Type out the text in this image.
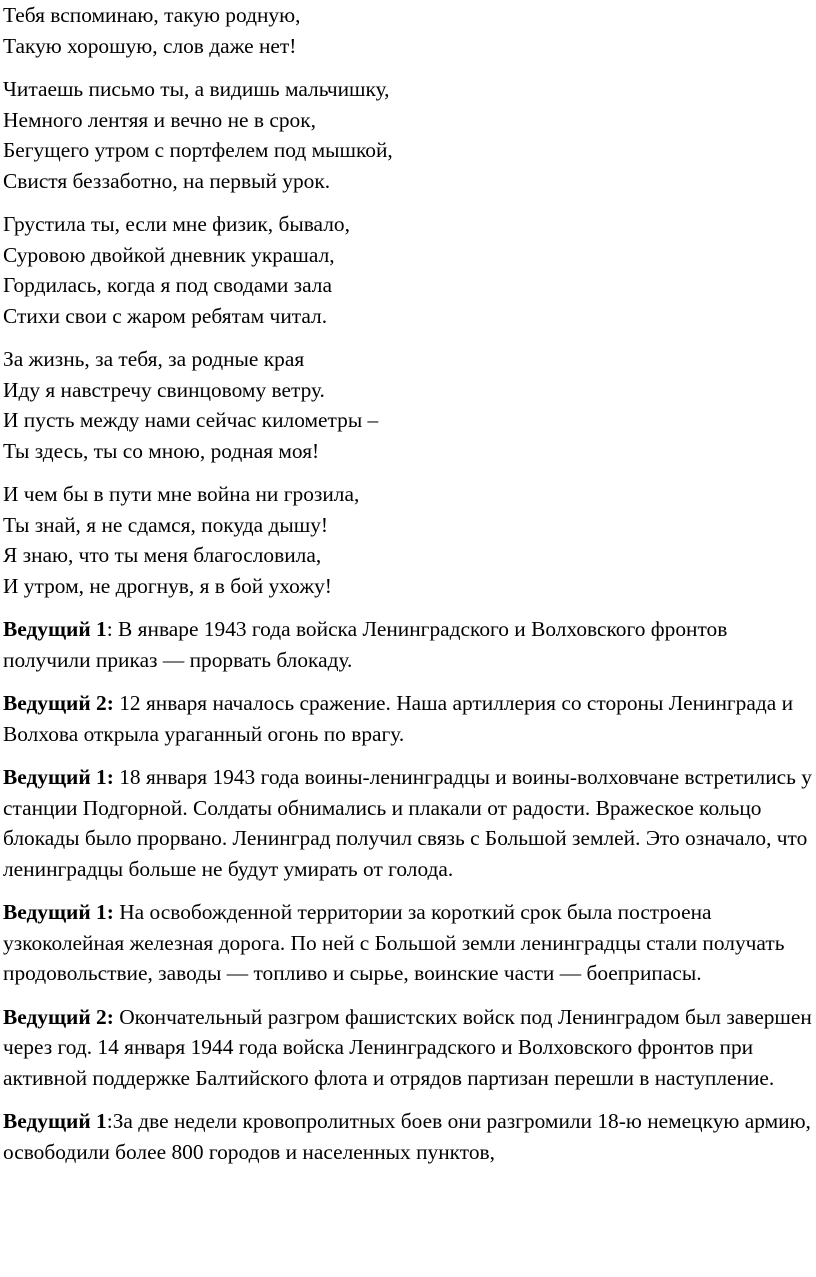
Тебя вспоминаю, такую родную,
Такую хорошую, слов даже нет!
Читаешь письмо ты, а видишь мальчишку,
Немного лентяя и вечно не в срок,
Бегущего утром с портфелем под мышкой,
Свистя беззаботно, на первый урок.
Грустила ты, если мне физик, бывало,
Суровою двойкой дневник украшал,
Гордилась, когда я под сводами зала
Стихи свои с жаром ребятам читал.
За жизнь, за тебя, за родные края
Иду я навстречу свинцовому ветру.
И пусть между нами сейчас километры –
Ты здесь, ты со мною, родная моя!
И чем бы в пути мне война ни грозила,
Ты знай, я не сдамся, покуда дышу!
Я знаю, что ты меня благословила,
И утром, не дрогнув, я в бой ухожу!

Ведущий 1: В январе 1943 года войска Ленинградского и Волховского фронтов получили приказ — прорвать блокаду.

Ведущий 2: 12 января началось сражение. Наша артиллерия со стороны Ленинграда и Волхова открыла ураганный огонь по врагу.

Ведущий 1: 18 января 1943 года воины-ленинградцы и воины-волховчане встретились у станции Подгорной. Солдаты обнимались и плакали от радости. Вражеское кольцо блокады было прорвано. Ленинград получил связь с Большой землей. Это означало, что ленинградцы больше не будут умирать от голода.

Ведущий 1: На освобожденной территории за короткий срок была построена узкоколейная железная дорога. По ней с Большой земли ленинградцы стали получать продовольствие, заводы — топливо и сырье, воинские части — боеприпасы.

Ведущий 2: Окончательный разгром фашистских войск под Ленинградом был завершен через год. 14 января 1944 года войска Ленинградского и Волховского фронтов при активной поддержке Балтийского флота и отрядов партизан перешли в наступление.

Ведущий 1:За две недели кровопролитных боев они разгромили 18-ю немецкую армию, освободили более 800 городов и населенных пунктов,
